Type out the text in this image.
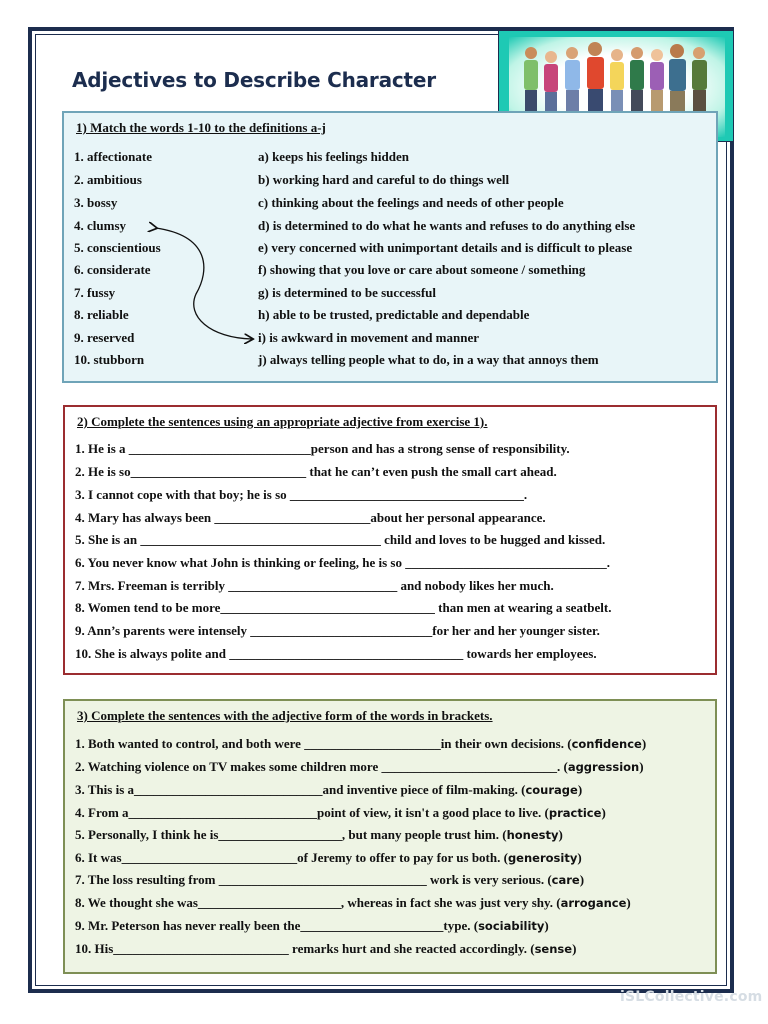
Adjectives to Describe Character
1) Match the words 1-10 to the definitions a-j
1. affectionate
2. ambitious
3. bossy
4. clumsy
5. conscientious
6. considerate
7. fussy
8. reliable
9. reserved
10. stubborn
a) keeps his feelings hidden
b) working hard and careful to do things well
c) thinking about the feelings and needs of other people
d) is determined to do what he wants and refuses to do anything else
e) very concerned with unimportant details and is difficult to please
f) showing that you love or care about someone / something
g) is determined to be successful
h) able to be trusted, predictable and dependable
i) is awkward in movement and manner
j) always telling people what to do, in a way that annoys them
2) Complete the sentences using an appropriate adjective from exercise 1).
1. He is a ____________________________person and has a strong sense of responsibility.
2. He is so___________________________ that he can’t even push the small cart ahead.
3. I cannot cope with that boy; he is so ____________________________________.
4. Mary has always been ________________________about her personal appearance.
5. She is an _____________________________________ child and loves to be hugged and kissed.
6. You never know what John is thinking or feeling, he is so _______________________________.
7. Mrs. Freeman is terribly __________________________ and nobody likes her much.
8. Women tend to be more_________________________________ than men at wearing a seatbelt.
9. Ann’s parents were intensely ____________________________for her and her younger sister.
10. She is always polite and ____________________________________ towards her employees.
3) Complete the sentences with the adjective form of the words in brackets.
1. Both wanted to control, and both were _____________________in their own decisions. (confidence)
2. Watching violence on TV makes some children more ___________________________. (aggression)
3. This is a_____________________________and inventive piece of film-making. (courage)
4. From a_____________________________point of view, it isn't a good place to live. (practice)
5. Personally, I think he is___________________, but many people trust him. (honesty)
6. It was___________________________of Jeremy to offer to pay for us both. (generosity)
7. The loss resulting from ________________________________ work is very serious. (care)
8. We thought she was______________________, whereas in fact she was just very shy. (arrogance)
9. Mr. Peterson has never really been the______________________type. (sociability)
10. His___________________________ remarks hurt and she reacted accordingly. (sense)
iSLCollective.com
